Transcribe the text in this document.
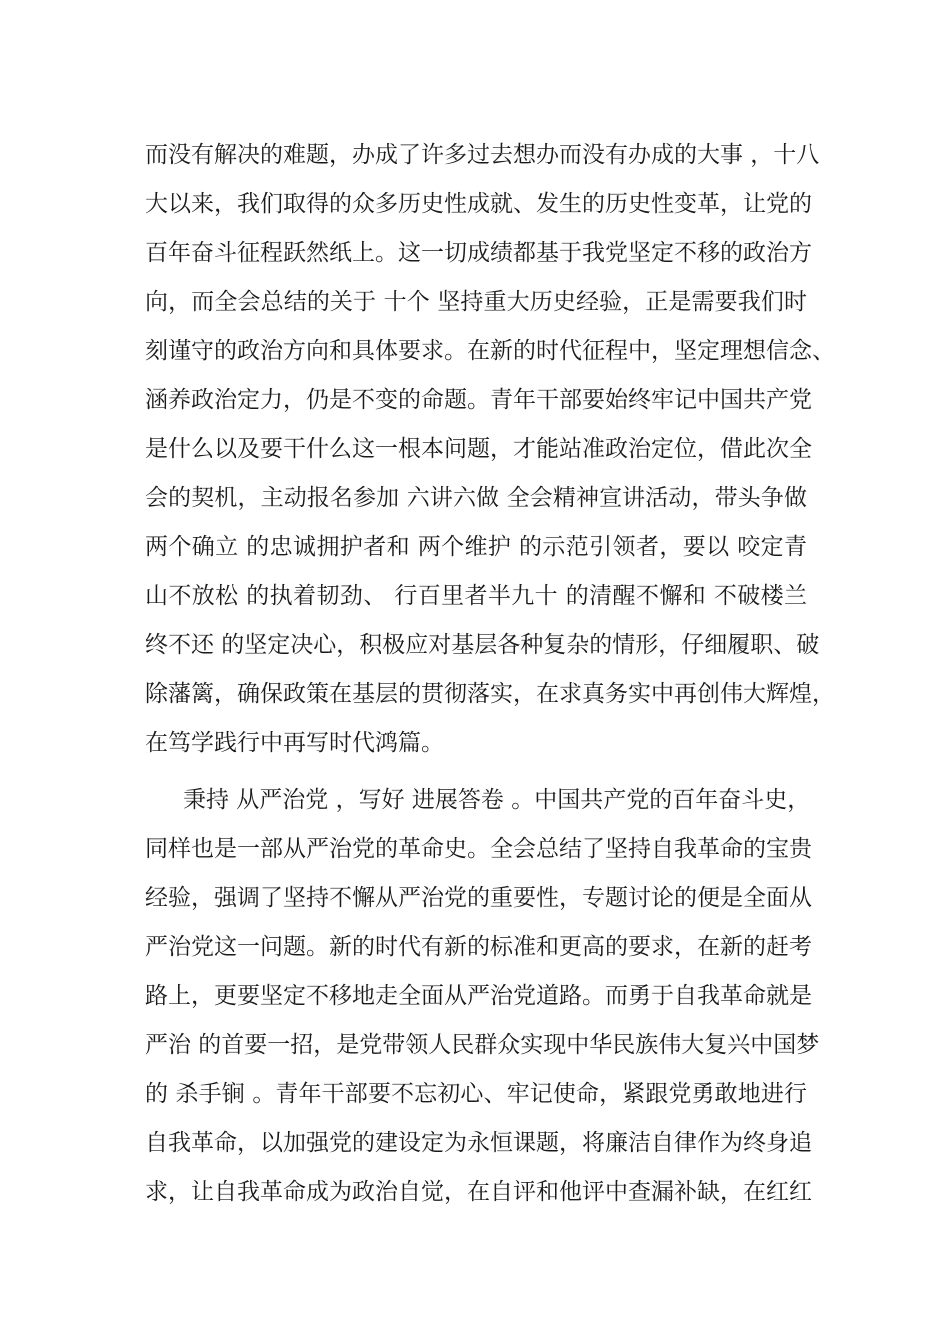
而没有解决的难题，办成了许多过去想办而没有办成的大事 ，十八
大以来，我们取得的众多历史性成就、发生的历史性变革，让党的
百年奋斗征程跃然纸上。这一切成绩都基于我党坚定不移的政治方
向，而全会总结的关于 十个 坚持重大历史经验，正是需要我们时
刻谨守的政治方向和具体要求。在新的时代征程中，坚定理想信念、
涵养政治定力，仍是不变的命题。青年干部要始终牢记中国共产党
是什么以及要干什么这一根本问题，才能站准政治定位，借此次全
会的契机，主动报名参加 六讲六做 全会精神宣讲活动，带头争做
两个确立 的忠诚拥护者和 两个维护 的示范引领者，要以 咬定青
山不放松 的执着韧劲、 行百里者半九十 的清醒不懈和 不破楼兰
终不还 的坚定决心，积极应对基层各种复杂的情形，仔细履职、破
除藩篱，确保政策在基层的贯彻落实，在求真务实中再创伟大辉煌，
在笃学践行中再写时代鸿篇。
秉持 从严治党 ，写好 进展答卷 。中国共产党的百年奋斗史，
同样也是一部从严治党的革命史。全会总结了坚持自我革命的宝贵
经验，强调了坚持不懈从严治党的重要性，专题讨论的便是全面从
严治党这一问题。新的时代有新的标准和更高的要求，在新的赶考
路上，更要坚定不移地走全面从严治党道路。而勇于自我革命就是
严治 的首要一招，是党带领人民群众实现中华民族伟大复兴中国梦
的 杀手锏 。青年干部要不忘初心、牢记使命，紧跟党勇敢地进行
自我革命，以加强党的建设定为永恒课题，将廉洁自律作为终身追
求，让自我革命成为政治自觉，在自评和他评中查漏补缺，在红红
